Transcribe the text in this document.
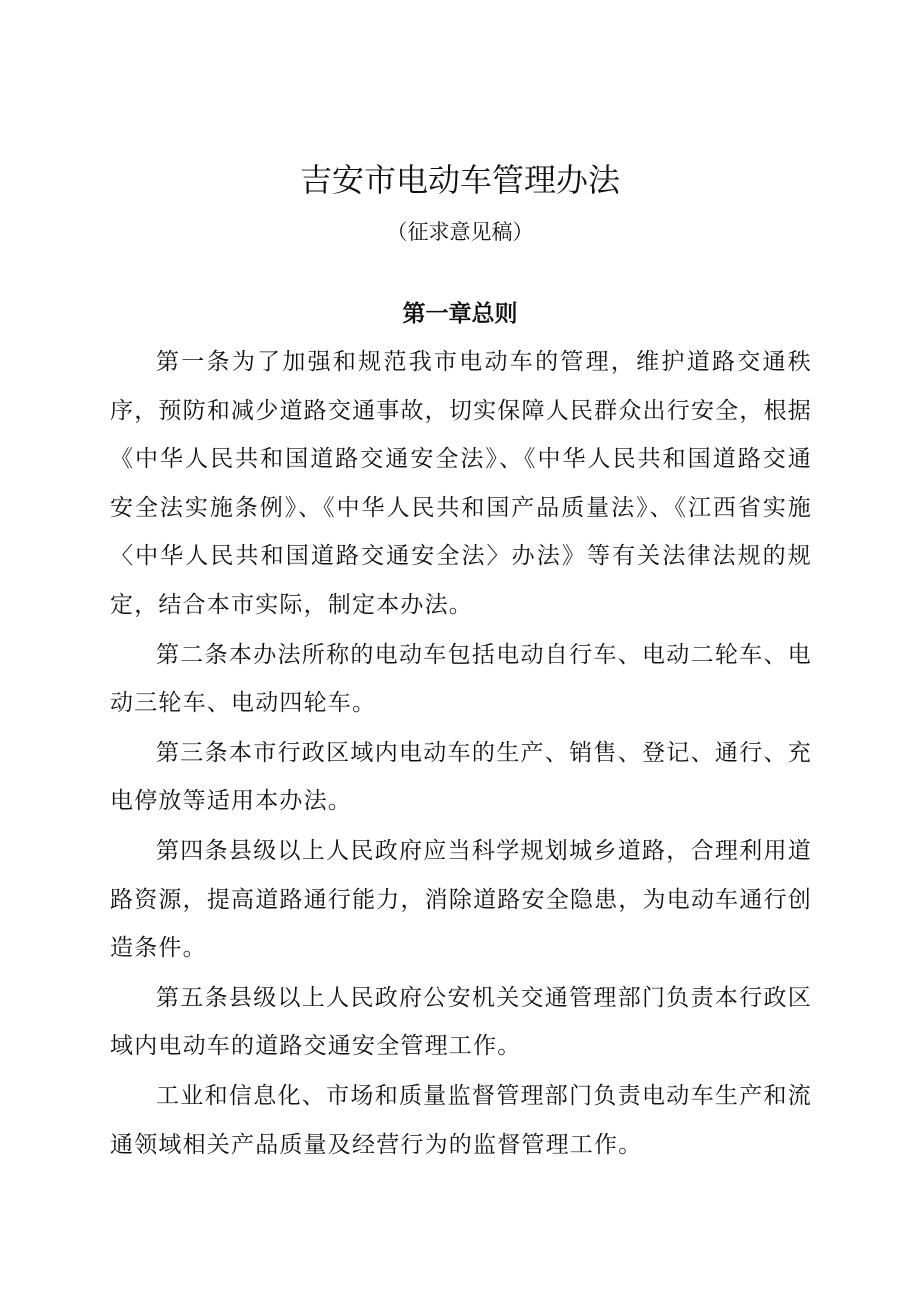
吉安市电动车管理办法
（征求意见稿）
第一章总则

第一条为了加强和规范我市电动车的管理，维护道路交通秩序，预防和减少道路交通事故，切实保障人民群众出行安全，根据《中华人民共和国道路交通安全法》、《中华人民共和国道路交通安全法实施条例》、《中华人民共和国产品质量法》、《江西省实施〈中华人民共和国道路交通安全法〉办法》等有关法律法规的规定，结合本市实际，制定本办法。

第二条本办法所称的电动车包括电动自行车、电动二轮车、电动三轮车、电动四轮车。

第三条本市行政区域内电动车的生产、销售、登记、通行、充电停放等适用本办法。

第四条县级以上人民政府应当科学规划城乡道路，合理利用道路资源，提高道路通行能力，消除道路安全隐患，为电动车通行创造条件。

第五条县级以上人民政府公安机关交通管理部门负责本行政区域内电动车的道路交通安全管理工作。

工业和信息化、市场和质量监督管理部门负责电动车生产和流通领域相关产品质量及经营行为的监督管理工作。
